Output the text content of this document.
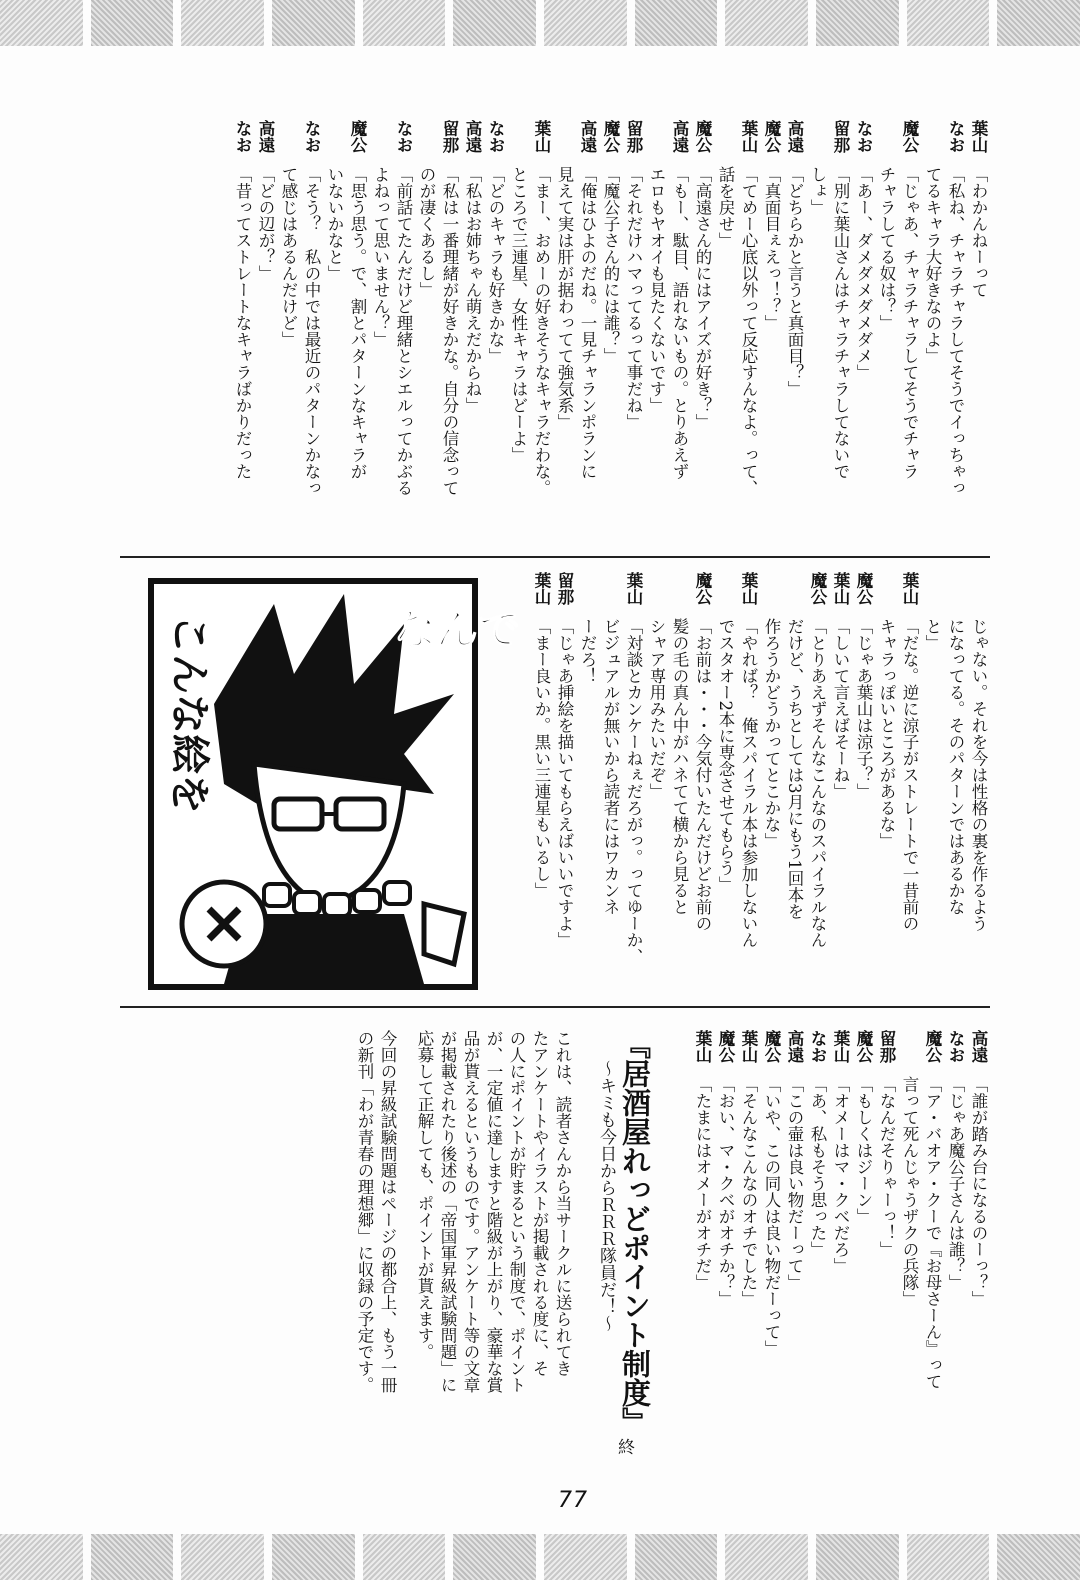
葉山
「わかんねーって
なお
「私ね、チャラチャラしてそうでイっちゃっ
てるキャラ大好きなのよ」
魔公
「じゃあ、チャラチャラしてそうでチャラ
チャラしてる奴は？」
なお
「あー、ダメダメダメダメ」
留那
「別に葉山さんはチャラチャラしてないで
しょ」
高遠
「どちらかと言うと真面目？」
魔公
「真面目ぇえっ！？」
葉山
「てめー心底以外って反応すんなよ。って、
話を戻せ」
魔公
「高遠さん的にはアイズが好き？」
高遠
「もー、駄目、語れないもの。とりあえず
エロもヤオイも見たくないです」
留那
「それだけハマってるって事だね」
魔公
「魔公子さん的には誰？」
高遠
「俺はひよのだね。一見チャランポランに
見えて実は肝が据わってて強気系」
葉山
「まー、おめーの好きそうなキャラだわな。
ところで三連星、女性キャラはどーよ」
なお
「どのキャラも好きかな」
高遠
「私はお姉ちゃん萌えだからね」
留那
「私は一番理緒が好きかな。自分の信念って
のが凄くあるし」
なお
「前話てたんだけど理緒とシエルってかぶる
よねって思いません？」
魔公
「思う思う。で、割とパターンなキャラが
いないかなと」
なお
「そう？　私の中では最近のパターンかなっ
て感じはあるんだけど」
高遠
「どの辺が？」
なお
「昔ってストレートなキャラばかりだった
じゃない。それを今は性格の裏を作るよう
になってる。そのパターンではあるかな
と」
葉山
「だな。逆に涼子がストレートで一昔前の
キャラっぽいところがあるな」
魔公
「じゃあ葉山は涼子？」
葉山
「しいて言えばそーね」
魔公
「とりあえずそんなこんなのスパイラルなん
だけど、うちとしては3月にもう1回本を
作ろうかどうかってとこかな」
葉山
「やれば？　俺スパイラル本は参加しないん
でスタオー2本に専念させてもらう」
魔公
「お前は・・・今気付いたんだけどお前の
髪の毛の真ん中がハネてて横から見ると
シャア専用みたいだぞ」
葉山
「対談とカンケーねぇだろがっ。ってゆーか、
ビジュアルが無いから読者にはワカンネ
ーだろ！
留那
「じゃあ挿絵を描いてもらえばいいですよ」
葉山
「まー良いか。黒い三連星もいるし」
なんで
こんな絵を
高遠
「誰が踏み台になるのーっ？」
なお
「じゃあ魔公子さんは誰？」
魔公
「ア・バオア・クーで『お母さーん』って
言って死んじゃうザクの兵隊」
留那
「なんだそりゃーっ！」
魔公
「もしくはジーン」
葉山
「オメーはマ・クベだろ」
なお
「あ、私もそう思った」
高遠
「この壷は良い物だーって」
魔公
「いや、この同人は良い物だーって」
葉山
「そんなこんなのオチでした」
魔公
「おい、マ・クベがオチか？」
葉山
「たまにはオメーがオチだ」
『居酒屋れっどポイント制度』
～キミも今日からＲＲＲ隊員だ！～
これは、読者さんから当サークルに送られてき
たアンケートやイラストが掲載される度に、そ
の人にポイントが貯まるという制度で、ポイント
が、一定値に達しますと階級が上がり、豪華な賞
品が貰えるというものです。アンケート等の文章
が掲載されたり後述の「帝国軍昇級試験問題」に
応募して正解しても、ポイントが貰えます。
今回の昇級試験問題はページの都合上、もう一冊
の新刊「わが青春の理想郷」に収録の予定です。
終
77
